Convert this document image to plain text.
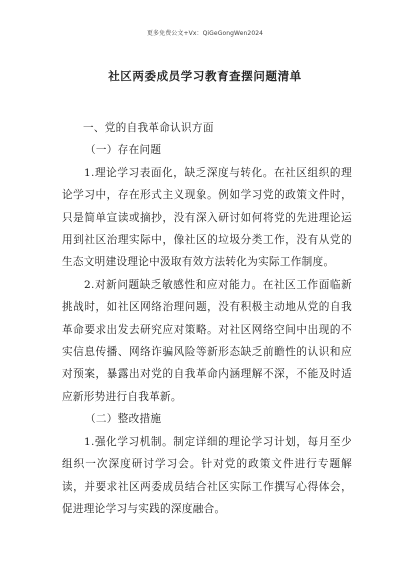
更多免费公文+Vx：QiGeGongWen2024
社区两委成员学习教育查摆问题清单

一、党的自我革命认识方面

（一）存在问题

1.理论学习表面化，缺乏深度与转化。在社区组织的理论学习中，存在形式主义现象。例如学习党的政策文件时，只是简单宣读或摘抄，没有深入研讨如何将党的先进理论运用到社区治理实际中，像社区的垃圾分类工作，没有从党的生态文明建设理论中汲取有效方法转化为实际工作制度。

2.对新问题缺乏敏感性和应对能力。在社区工作面临新挑战时，如社区网络治理问题，没有积极主动地从党的自我革命要求出发去研究应对策略。对社区网络空间中出现的不实信息传播、网络诈骗风险等新形态缺乏前瞻性的认识和应对预案，暴露出对党的自我革命内涵理解不深，不能及时适应新形势进行自我革新。

（二）整改措施

1.强化学习机制。制定详细的理论学习计划，每月至少组织一次深度研讨学习会。针对党的政策文件进行专题解读，并要求社区两委成员结合社区实际工作撰写心得体会，促进理论学习与实践的深度融合。
